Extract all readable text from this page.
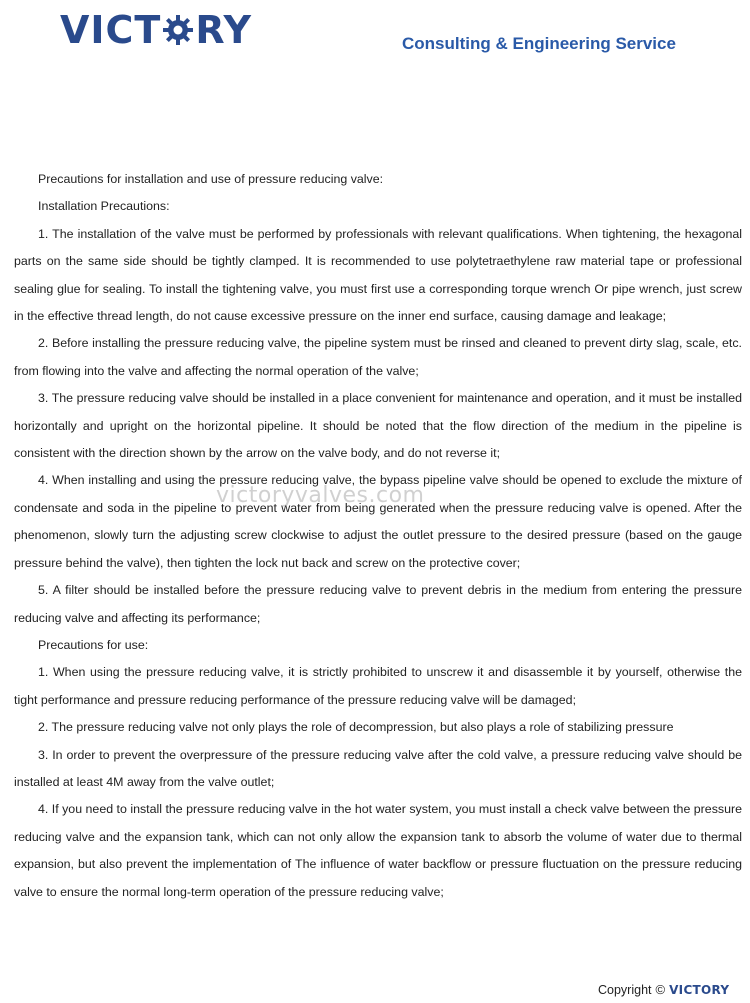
VICT RY	Consulting & Engineering Service
victoryvalves.com

Precautions for installation and use of pressure reducing valve:

Installation Precautions:

1. The installation of the valve must be performed by professionals with relevant qualifications. When tightening, the hexagonal parts on the same side should be tightly clamped. It is recommended to use polytetraethylene raw material tape or professional sealing glue for sealing. To install the tightening valve, you must first use a corresponding torque wrench Or pipe wrench, just screw in the effective thread length, do not cause excessive pressure on the inner end surface, causing damage and leakage;

2. Before installing the pressure reducing valve, the pipeline system must be rinsed and cleaned to prevent dirty slag, scale, etc. from flowing into the valve and affecting the normal operation of the valve;

3. The pressure reducing valve should be installed in a place convenient for maintenance and operation, and it must be installed horizontally and upright on the horizontal pipeline. It should be noted that the flow direction of the medium in the pipeline is consistent with the direction shown by the arrow on the valve body, and do not reverse it;

4. When installing and using the pressure reducing valve, the bypass pipeline valve should be opened to exclude the mixture of condensate and soda in the pipeline to prevent water from being generated when the pressure reducing valve is opened. After the phenomenon, slowly turn the adjusting screw clockwise to adjust the outlet pressure to the desired pressure (based on the gauge pressure behind the valve), then tighten the lock nut back and screw on the protective cover;

5. A filter should be installed before the pressure reducing valve to prevent debris in the medium from entering the pressure reducing valve and affecting its performance;

Precautions for use:

1. When using the pressure reducing valve, it is strictly prohibited to unscrew it and disassemble it by yourself, otherwise the tight performance and pressure reducing performance of the pressure reducing valve will be damaged;

2. The pressure reducing valve not only plays the role of decompression, but also plays a role of stabilizing pressure

3. In order to prevent the overpressure of the pressure reducing valve after the cold valve, a pressure reducing valve should be installed at least 4M away from the valve outlet;

4. If you need to install the pressure reducing valve in the hot water system, you must install a check valve between the pressure reducing valve and the expansion tank, which can not only allow the expansion tank to absorb the volume of water due to thermal expansion, but also prevent the implementation of The influence of water backflow or pressure fluctuation on the pressure reducing valve to ensure the normal long-term operation of the pressure reducing valve;

Copyright © VICTORY
